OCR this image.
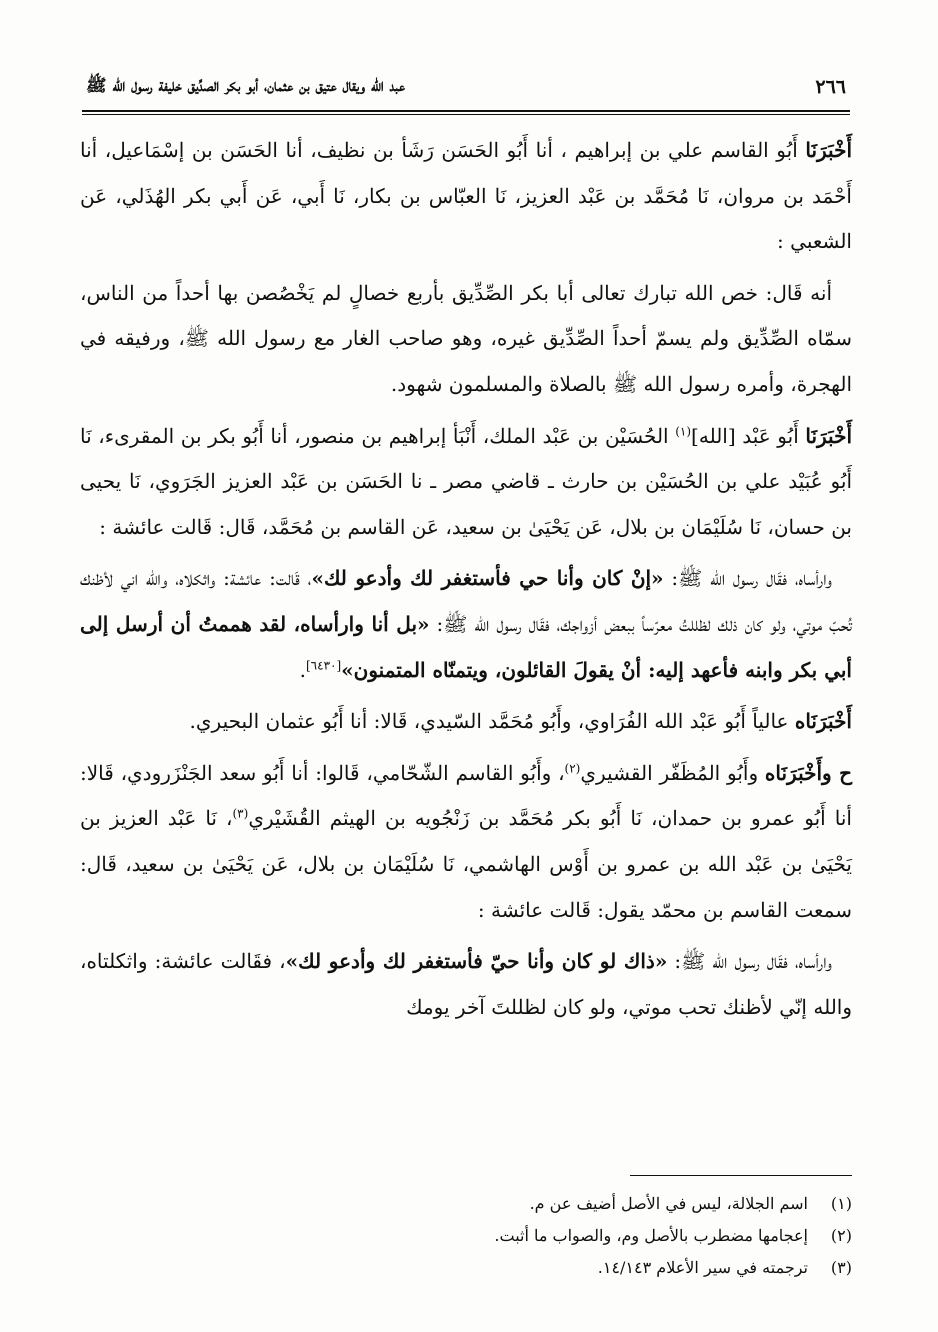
٢٦٦
عبد الله ويقال عتيق بن عثمان، أبو بكر الصدِّيق خليفة رسول الله ﷺ

أَخْبَرَنَا أَبُو القاسم علي بن إبراهيم ، أنا أَبُو الحَسَن رَشَأ بن نظيف، أنا الحَسَن بن إسْمَاعيل، أنا أَحْمَد بن مروان، نَا مُحَمَّد بن عَبْد العزيز، نَا العبّاس بن بكار، نَا أَبي، عَن أَبي بكر الهُذَلي، عَن الشعبي :

أنه قَال: خص الله تبارك تعالى أبا بكر الصِّدِّيق بأربع خصالٍ لم يَخْصُصن بها أحداً من الناس، سمّاه الصِّدِّيق ولم يسمّ أحداً الصِّدِّيق غيره، وهو صاحب الغار مع رسول الله ﷺ، ورفيقه في الهجرة، وأمره رسول الله ﷺ بالصلاة والمسلمون شهود.

أَخْبَرَنَا أَبُو عَبْد [الله]$^{(١)}$ الحُسَيْن بن عَبْد الملك، أَنْبَأ إبراهيم بن منصور، أنا أَبُو بكر بن المقرىء، نَا أَبُو عُبَيْد علي بن الحُسَيْن بن حارث ـ قاضي مصر ـ نا الحَسَن بن عَبْد العزيز الجَرَوي، نَا يحيى بن حسان، نَا سُلَيْمَان بن بلال، عَن يَحْيَىٰ بن سعيد، عَن القاسم بن مُحَمَّد، قَال: قَالت عائشة :

وارأساه، فقَال رسول الله ﷺ: «إنْ كان وأنا حي فأستغفر لك وأدعو لك»، قَالت: عائشة: واثكلاه، والله اني لأظنك تُحبّ موتي، ولو كان ذلك لظللتُ معرّساً ببعض أزواجك، فقَال رسول الله ﷺ: «بل أنا وارأساه، لقد هممتُ أن أرسل إلى أبي بكر وابنه فأعهد إليه: أنْ يقولَ القائلون، ويتمنّاه المتمنون»[٦٤٣٠].

أَخْبَرَنَاه عالياً أَبُو عَبْد الله الفُرَاوي، وأَبُو مُحَمَّد السّيدي، قَالا: أنا أَبُو عثمان البحيري.

ح وأَخْبَرَنَاه وأَبُو المُظَفّر القشيري$^{(٢)}$، وأَبُو القاسم الشّحّامي، قَالوا: أنا أَبُو سعد الجَنْزَرودي، قَالا: أنا أَبُو عمرو بن حمدان، نَا أَبُو بكر مُحَمَّد بن زَنْجُويه بن الهيثم القُشَيْري$^{(٣)}$، نَا عَبْد العزيز بن يَحْيَىٰ بن عَبْد الله بن عمرو بن أَوْس الهاشمي، نَا سُلَيْمَان بن بلال، عَن يَحْيَىٰ بن سعيد، قَال: سمعت القاسم بن محمّد يقول: قَالت عائشة :

وارأساه، فقَال رسول الله ﷺ: «ذاك لو كان وأنا حيّ فأستغفر لك وأدعو لك»، فقَالت عائشة: واثكلتاه، والله إنّي لأظنك تحب موتي، ولو كان لظللتَ آخر يومك

(١)
اسم الجلالة، ليس في الأصل أضيف عن م.
(٢)
إعجامها مضطرب بالأصل وم، والصواب ما أثبت.
(٣)
ترجمته في سير الأعلام ١٤/١٤٣.
